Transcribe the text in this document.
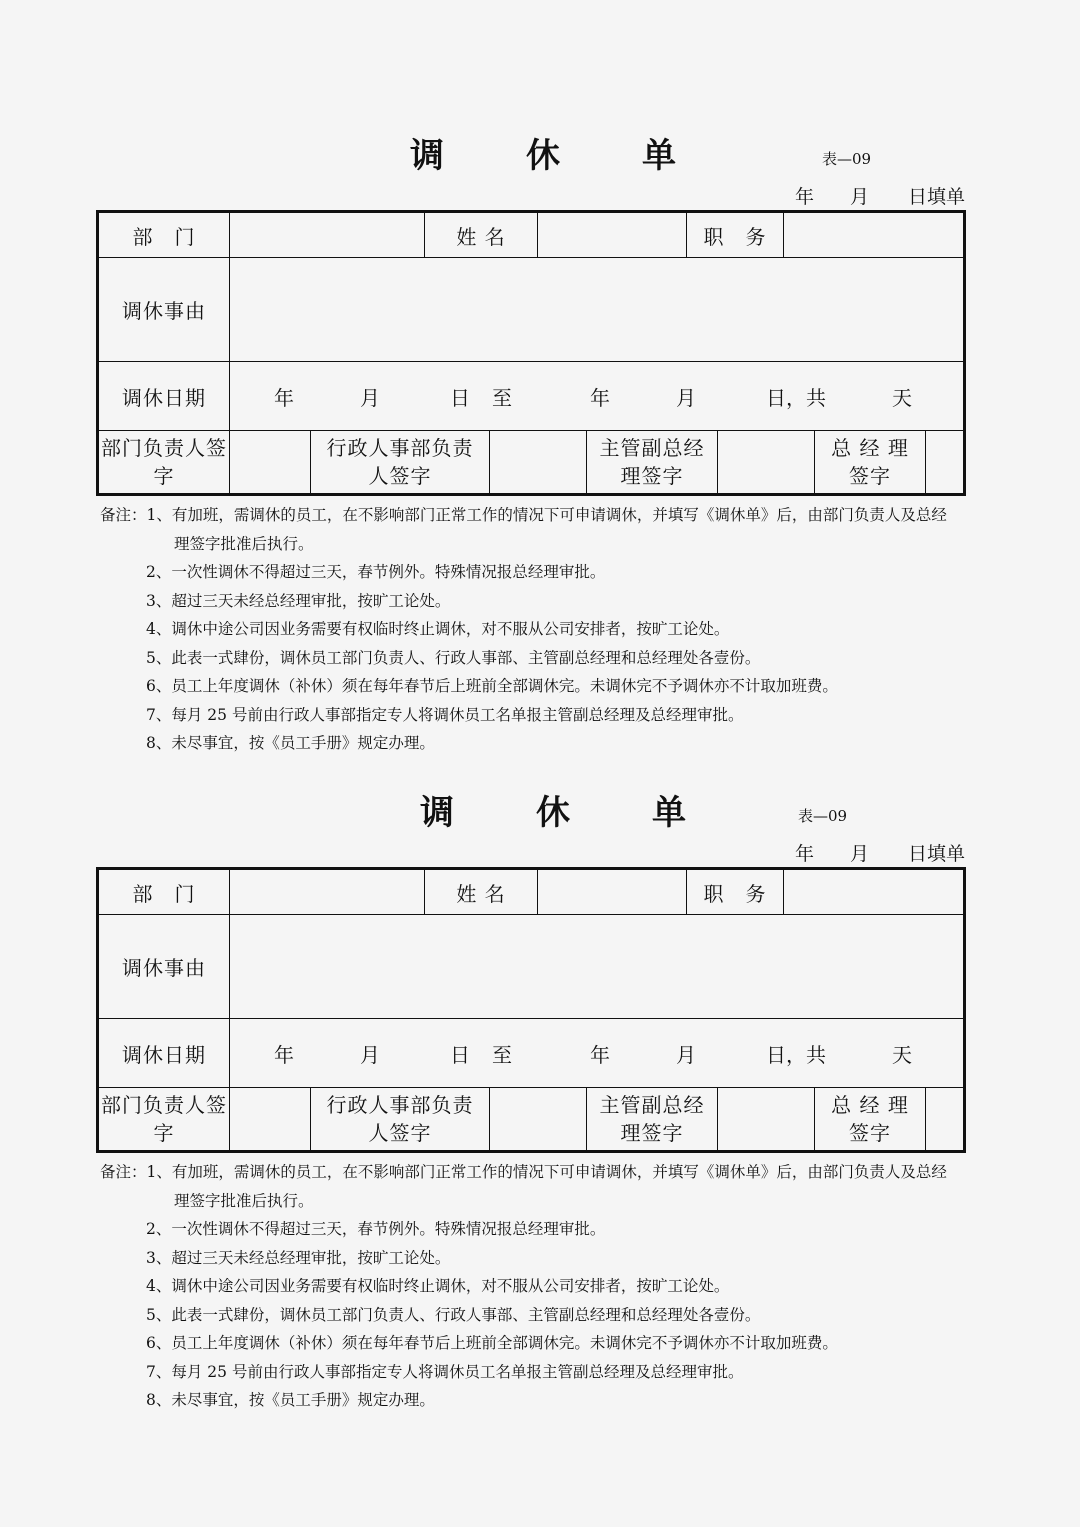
调 休 单	表—09
年 月 日填单
部　门		姓 名		职　务	
调休事由	
调休日期	年	月	日 至	年	月	日，共	天

部门负责人签字		行政人事部负责人签字		主管副总经理签字		总 经 理签字	
备注：1、有加班，需调休的员工，在不影响部门正常工作的情况下可申请调休，并填写《调休单》后，由部门负责人及总经
理签字批准后执行。
2、一次性调休不得超过三天，春节例外。特殊情况报总经理审批。
3、超过三天未经总经理审批，按旷工论处。
4、调休中途公司因业务需要有权临时终止调休，对不服从公司安排者，按旷工论处。
5、此表一式肆份，调休员工部门负责人、行政人事部、主管副总经理和总经理处各壹份。
6、员工上年度调休（补休）须在每年春节后上班前全部调休完。未调休完不予调休亦不计取加班费。
7、每月 25 号前由行政人事部指定专人将调休员工名单报主管副总经理及总经理审批。
8、未尽事宜，按《员工手册》规定办理。
调 休 单	表—09
年 月 日填单
部　门		姓 名		职　务	
调休事由	
调休日期	年	月	日 至	年	月	日，共	天

部门负责人签字		行政人事部负责人签字		主管副总经理签字		总 经 理签字	
备注：1、有加班，需调休的员工，在不影响部门正常工作的情况下可申请调休，并填写《调休单》后，由部门负责人及总经
理签字批准后执行。
2、一次性调休不得超过三天，春节例外。特殊情况报总经理审批。
3、超过三天未经总经理审批，按旷工论处。
4、调休中途公司因业务需要有权临时终止调休，对不服从公司安排者，按旷工论处。
5、此表一式肆份，调休员工部门负责人、行政人事部、主管副总经理和总经理处各壹份。
6、员工上年度调休（补休）须在每年春节后上班前全部调休完。未调休完不予调休亦不计取加班费。
7、每月 25 号前由行政人事部指定专人将调休员工名单报主管副总经理及总经理审批。
8、未尽事宜，按《员工手册》规定办理。
